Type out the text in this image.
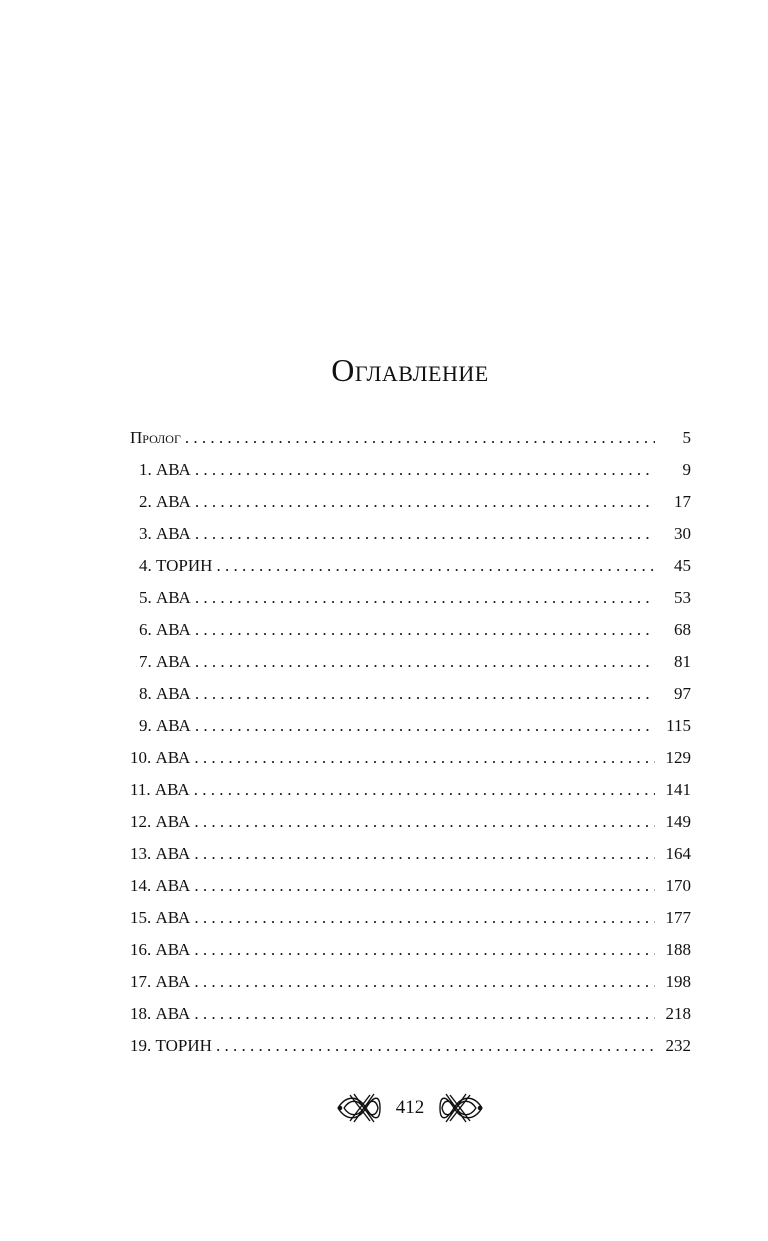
Оглавление
Пролог . . .	5
1. АВА . . .	9
2. АВА . . .	17
3. АВА . . .	30
4. ТОРИН . . .	45
5. АВА . . .	53
6. АВА . . .	68
7. АВА . . .	81
8. АВА . . .	97
9. АВА . . .	115
10. АВА . . .	129
11. АВА . . .	141
12. АВА . . .	149
13. АВА . . .	164
14. АВА . . .	170
15. АВА . . .	177
16. АВА . . .	188
17. АВА . . .	198
18. АВА . . .	218
19. ТОРИН . . .	232
412
